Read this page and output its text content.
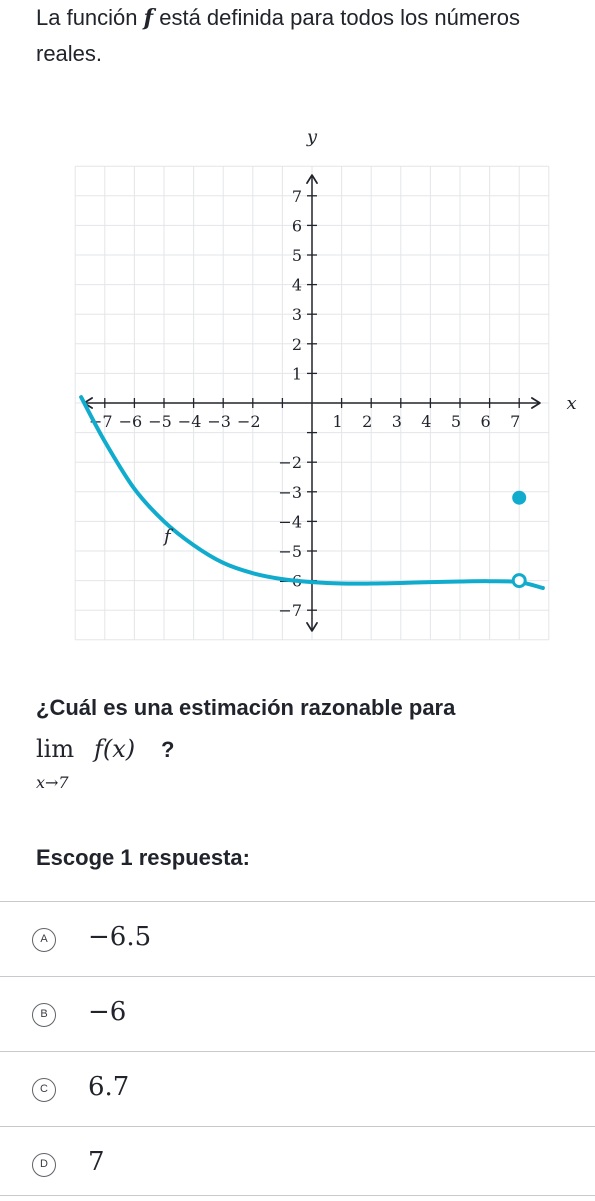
La función f está definida para todos los números reales.
−7 −6 −5 −4 −3 −2	1 2 3 4 5 6 7
7
6
5
4
3
2
1
−2
−3
−4
−5
−6
−7
x
y
f
¿Cuál es una estimación razonable para
lim
x→7
f(x) ?
Escoge 1 respuesta:
A	−6.5
B	−6
C	6.7
D	7
